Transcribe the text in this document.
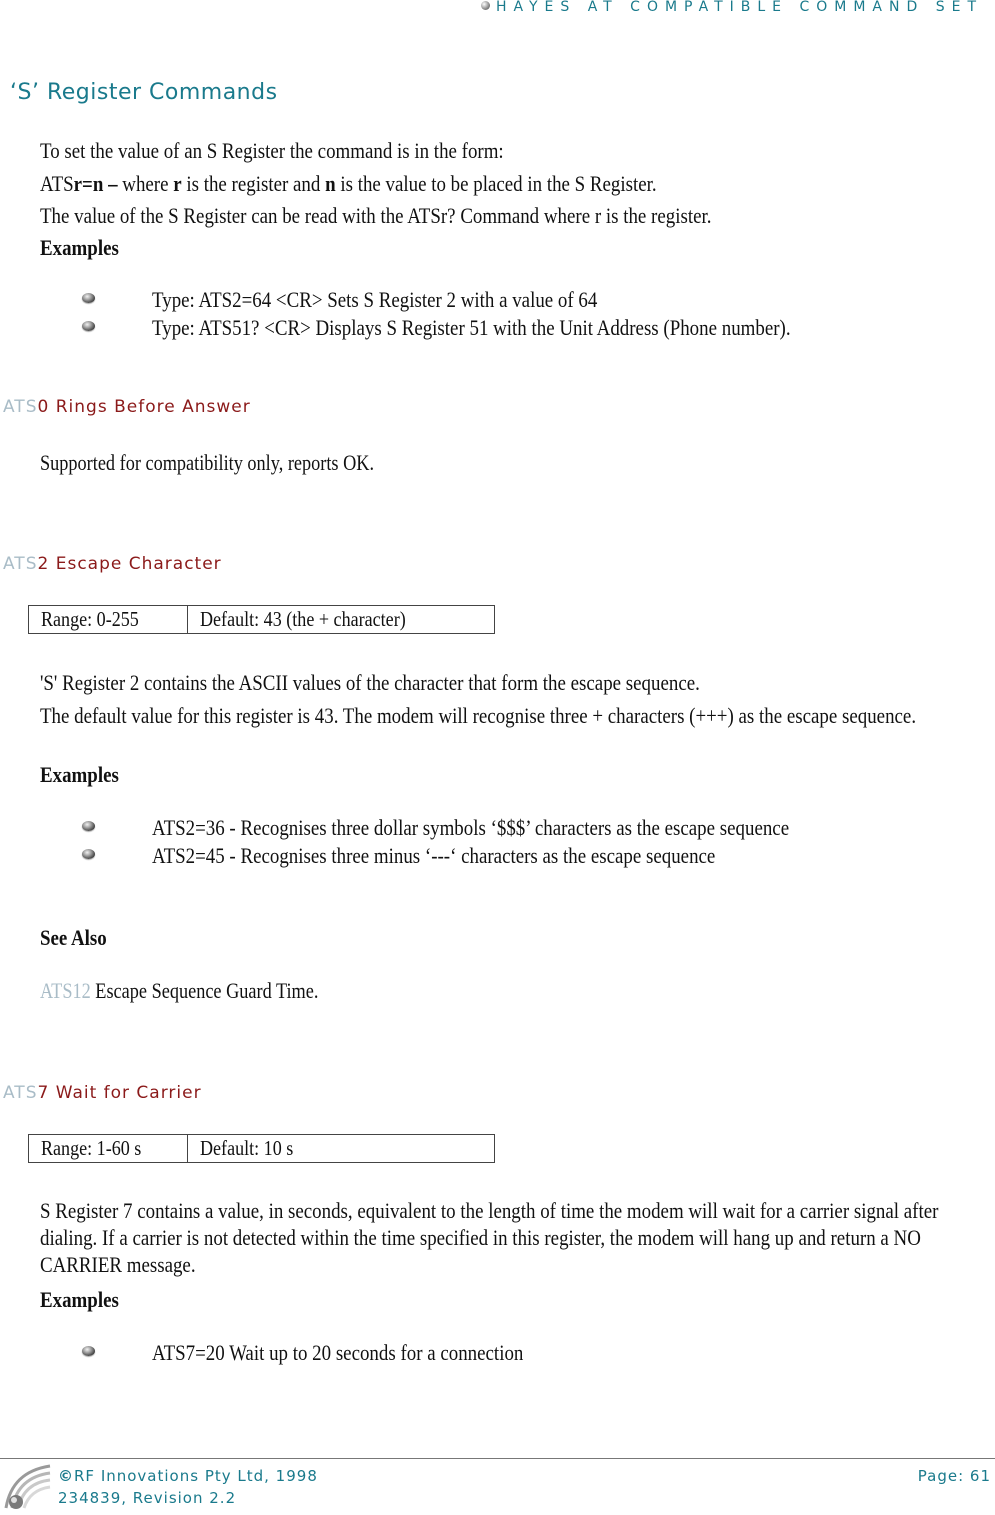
HAYES AT COMPATIBLE COMMAND SET
‘S’ Register Commands
To set the value of an S Register the command is in the form:
ATSr=n – where r is the register and n is the value to be placed in the S Register.
The value of the S Register can be read with the ATSr? Command where r is the register.
Examples
Type: ATS2=64 <CR> Sets S Register 2 with a value of 64
Type: ATS51? <CR> Displays S Register 51 with the Unit Address (Phone number).
ATS0 Rings Before Answer
Supported for compatibility only, reports OK.
ATS2 Escape Character
Range: 0-255	Default: 43 (the + character)
'S' Register 2 contains the ASCII values of the character that form the escape sequence.
The default value for this register is 43. The modem will recognise three + characters (+++) as the escape sequence.
Examples
ATS2=36 - Recognises three dollar symbols ‘$$$’ characters as the escape sequence
ATS2=45 - Recognises three minus ‘---‘ characters as the escape sequence
See Also
ATS12 Escape Sequence Guard Time.
ATS7 Wait for Carrier
Range: 1-60 s	Default: 10 s
S Register 7 contains a value, in seconds, equivalent to the length of time the modem will wait for a carrier signal after dialing. If a carrier is not detected within the time specified in this register, the modem will hang up and return a NO CARRIER message.
Examples
ATS7=20 Wait up to 20 seconds for a connection
©RF Innovations Pty Ltd, 1998
234839, Revision 2.2
Page: 61
